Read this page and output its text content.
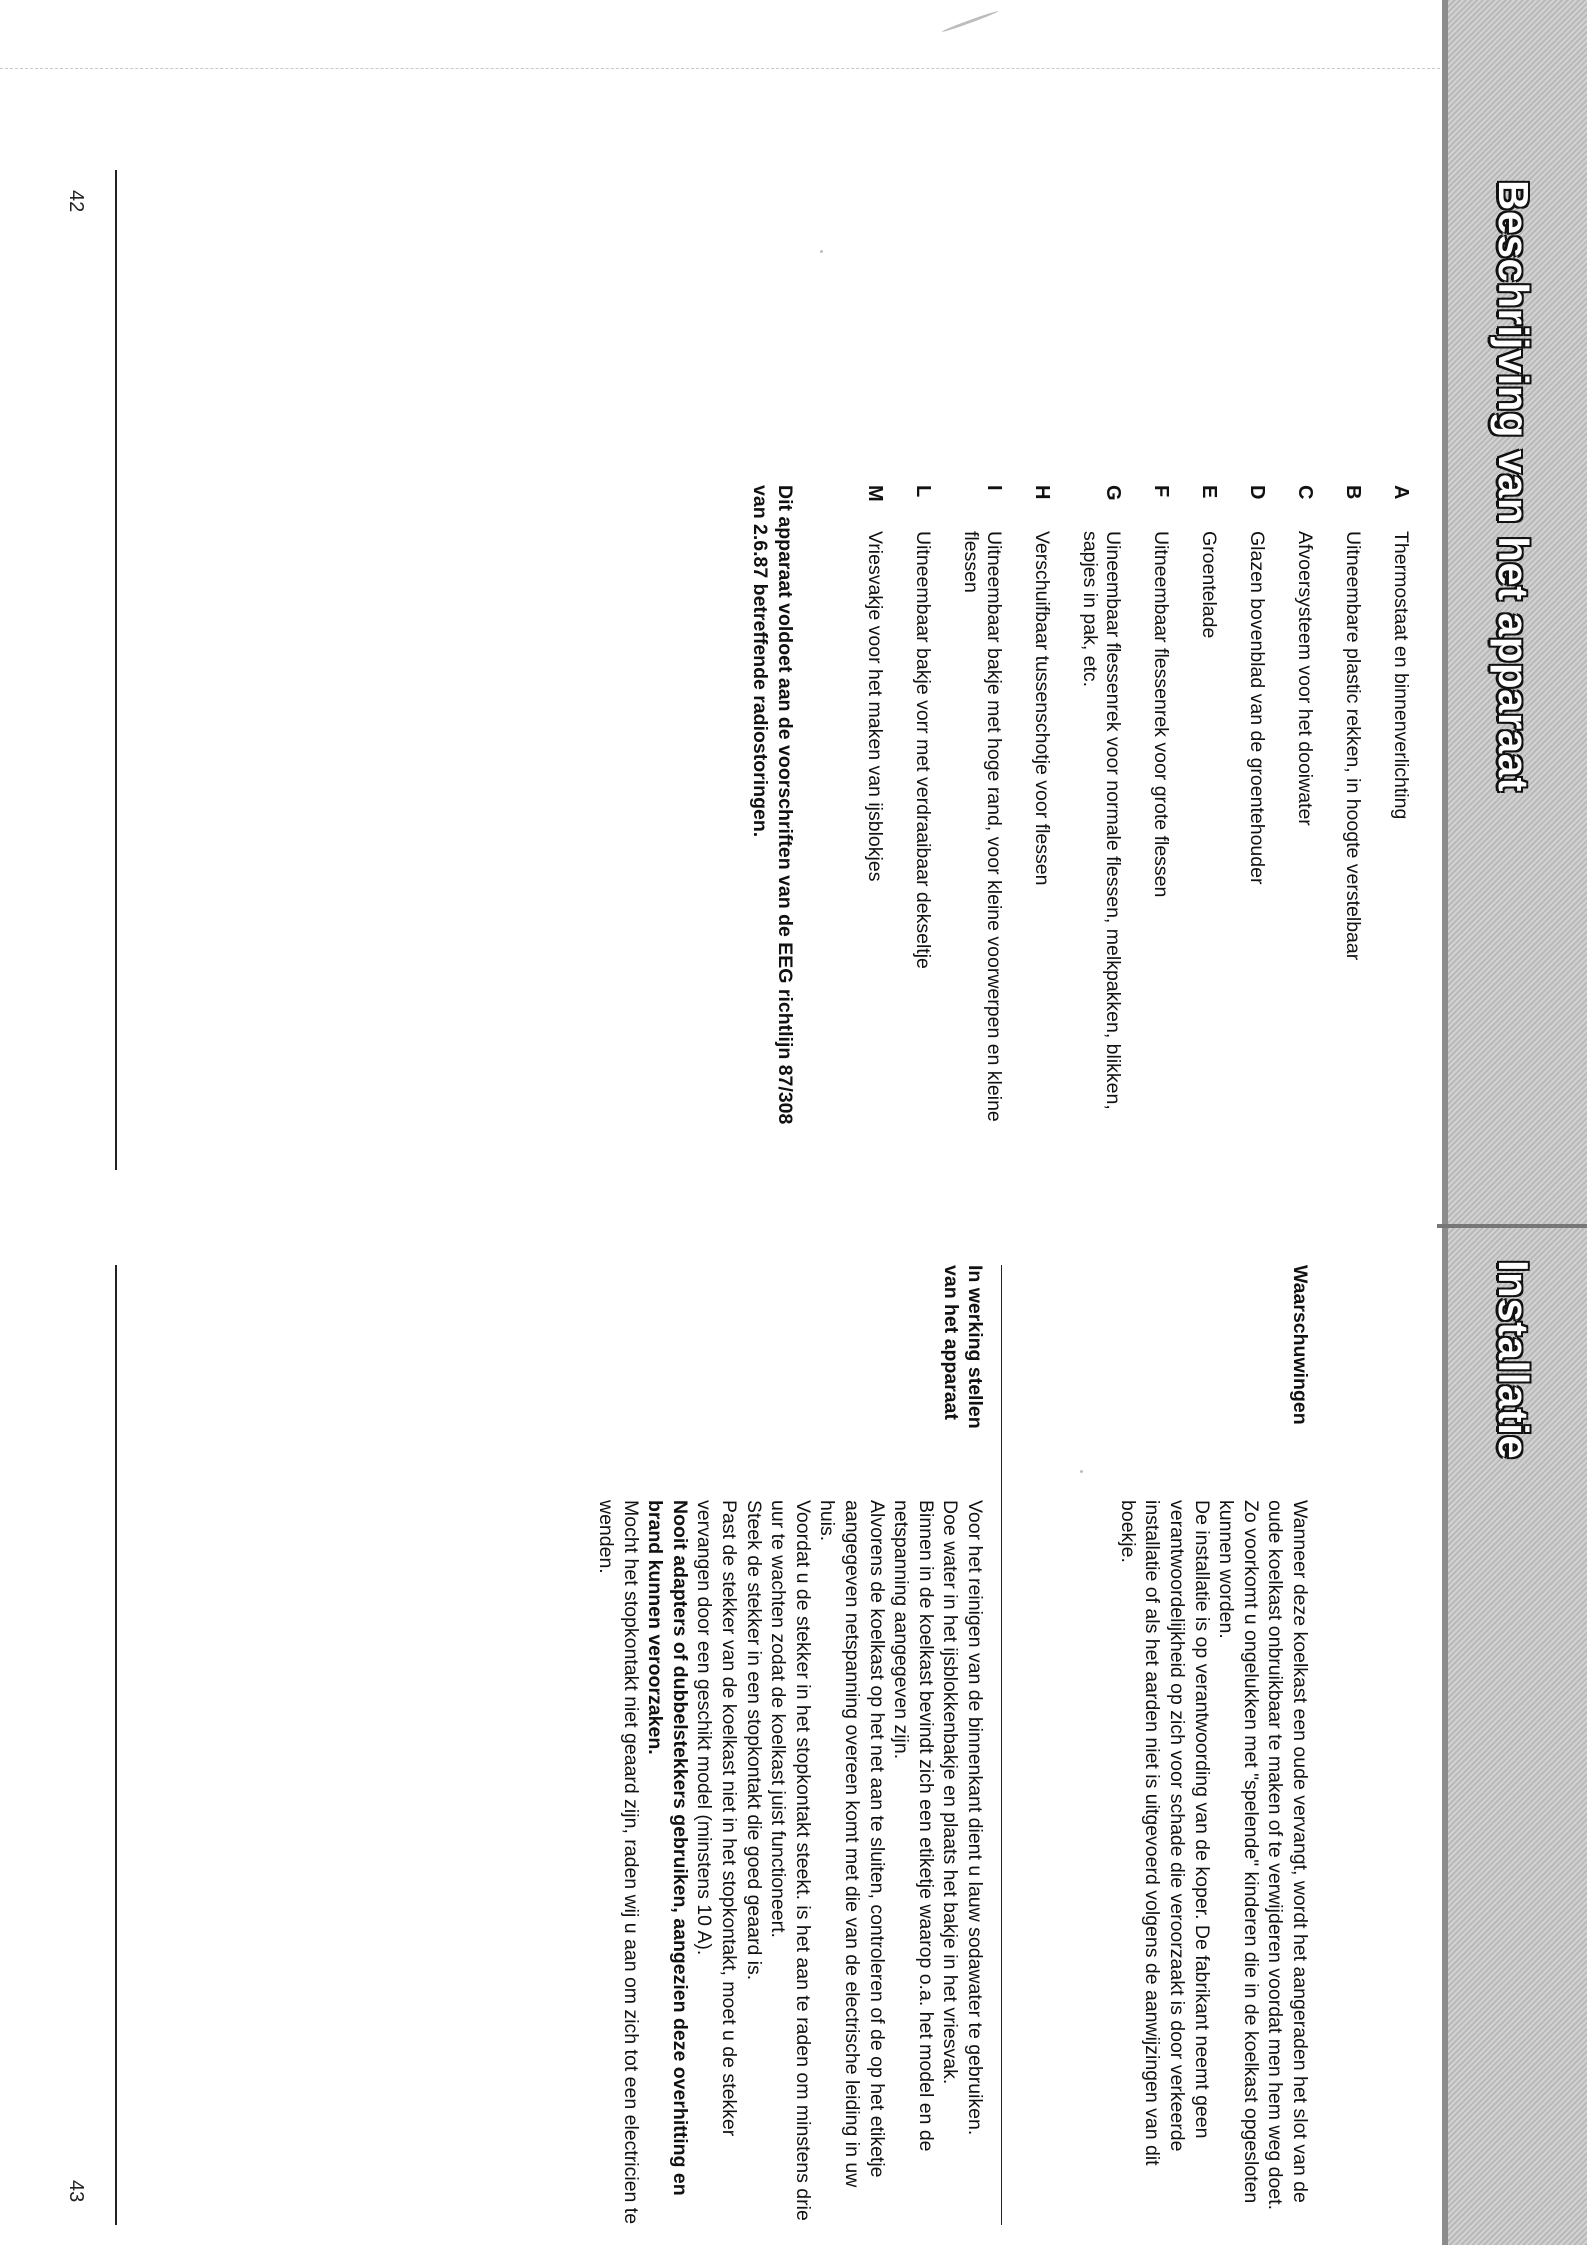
Beschrijving van het apparaat
Installatie
A
Thermostaat en binnenverlichting
B
Uitneembare plastic rekken, in hoogte verstelbaar
C
Afvoersysteem voor het dooiwater
D
Glazen bovenblad van de groentehouder
E
Groentelade
F
Uitneembaar flessenrek voor grote flessen
G
Uineembaar flessenrek voor normale flessen, melkpakken, blikken, sapjes in pak, etc.
H
Verschuifbaar tussenschotje voor flessen
I
Uitneembaar bakje met hoge rand, voor kleine voorwerpen en kleine flessen
L
Uitneembaar bakje vorr met verdraaibaar dekseltje
M
Vriesvakje voor het maken van ijsblokjes
Dit apparaat voldoet aan de voorschriften van de EEG richtlijn 87/308 van 2.6.87 betreffende radiostoringen.
42
Waarschuwingen

Wanneer deze koelkast een oude vervangt, wordt het aangeraden het slot van de oude koelkast onbruikbaar te maken of te verwijderen voordat men hem weg doet.

Zo voorkomt u ongelukken met "spelende" kinderen die in de koelkast opgesloten kunnen worden.

De installatie is op verantwoording van de koper. De fabrikant neemt geen verantwoordelijkheid op zich voor schade die veroorzaakt is door verkeerde installatie of als het aarden niet is uitgevoerd volgens de aanwijzingen van dit boekje.

In werking stellen van het apparaat

Voor het reinigen van de binnenkant dient u lauw sodawater te gebruiken.

Doe water in het ijsblokkenbakje en plaats het bakje in het vriesvak.

Binnen in de koelkast bevindt zich een etiketje waarop o.a. het model en de netspanning aangegeven zijn.

Alvorens de koelkast op het net aan te sluiten, controleren of de op het etiketje aangegeven netspanning overeen komt met die van de electrische leiding in uw huis.

Voordat u de stekker in het stopkontakt steekt. is het aan te raden om minstens drie uur te wachten zodat de koelkast juist functioneert.

Steek de stekker in een stopkontakt die goed geaard is.

Past de stekker van de koelkast niet in het stopkontakt, moet u de stekker vervangen door een geschikt model (minstens 10 A).

Nooit adapters of dubbelstekkers gebruiken, aangezien deze overhitting en brand kunnen veroorzaken.

Mocht het stopkontakt niet geaard zijn, raden wij u aan om zich tot een electricien te wenden.

43
